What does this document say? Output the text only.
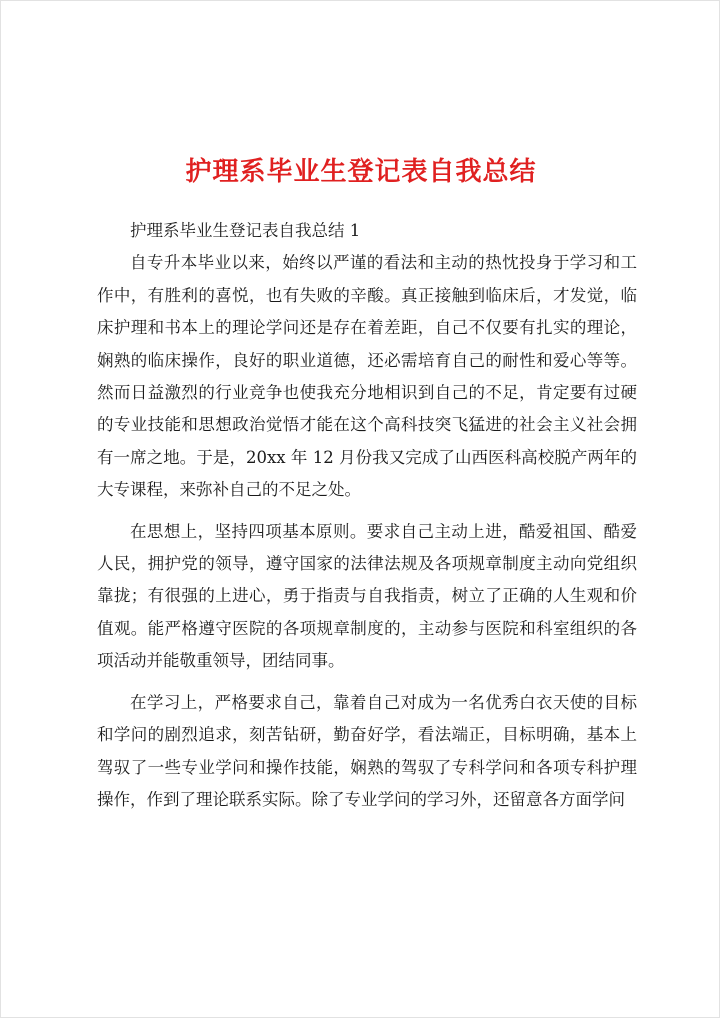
护理系毕业生登记表自我总结

护理系毕业生登记表自我总结 1

自专升本毕业以来，始终以严谨的看法和主动的热忱投身于学习和工作中，有胜利的喜悦，也有失败的辛酸。真正接触到临床后，才发觉，临床护理和书本上的理论学问还是存在着差距，自己不仅要有扎实的理论，娴熟的临床操作，良好的职业道德，还必需培育自己的耐性和爱心等等。然而日益激烈的行业竞争也使我充分地相识到自己的不足，肯定要有过硬的专业技能和思想政治觉悟才能在这个高科技突飞猛进的社会主义社会拥有一席之地。于是，20xx 年 12 月份我又完成了山西医科高校脱产两年的大专课程，来弥补自己的不足之处。

在思想上，坚持四项基本原则。要求自己主动上进，酷爱祖国、酷爱人民，拥护党的领导，遵守国家的法律法规及各项规章制度主动向党组织靠拢；有很强的上进心，勇于指责与自我指责，树立了正确的人生观和价值观。能严格遵守医院的各项规章制度的，主动参与医院和科室组织的各项活动并能敬重领导，团结同事。

在学习上，严格要求自己，靠着自己对成为一名优秀白衣天使的目标和学问的剧烈追求，刻苦钻研，勤奋好学，看法端正，目标明确，基本上驾驭了一些专业学问和操作技能，娴熟的驾驭了专科学问和各项专科护理操作，作到了理论联系实际。除了专业学问的学习外，还留意各方面学问
